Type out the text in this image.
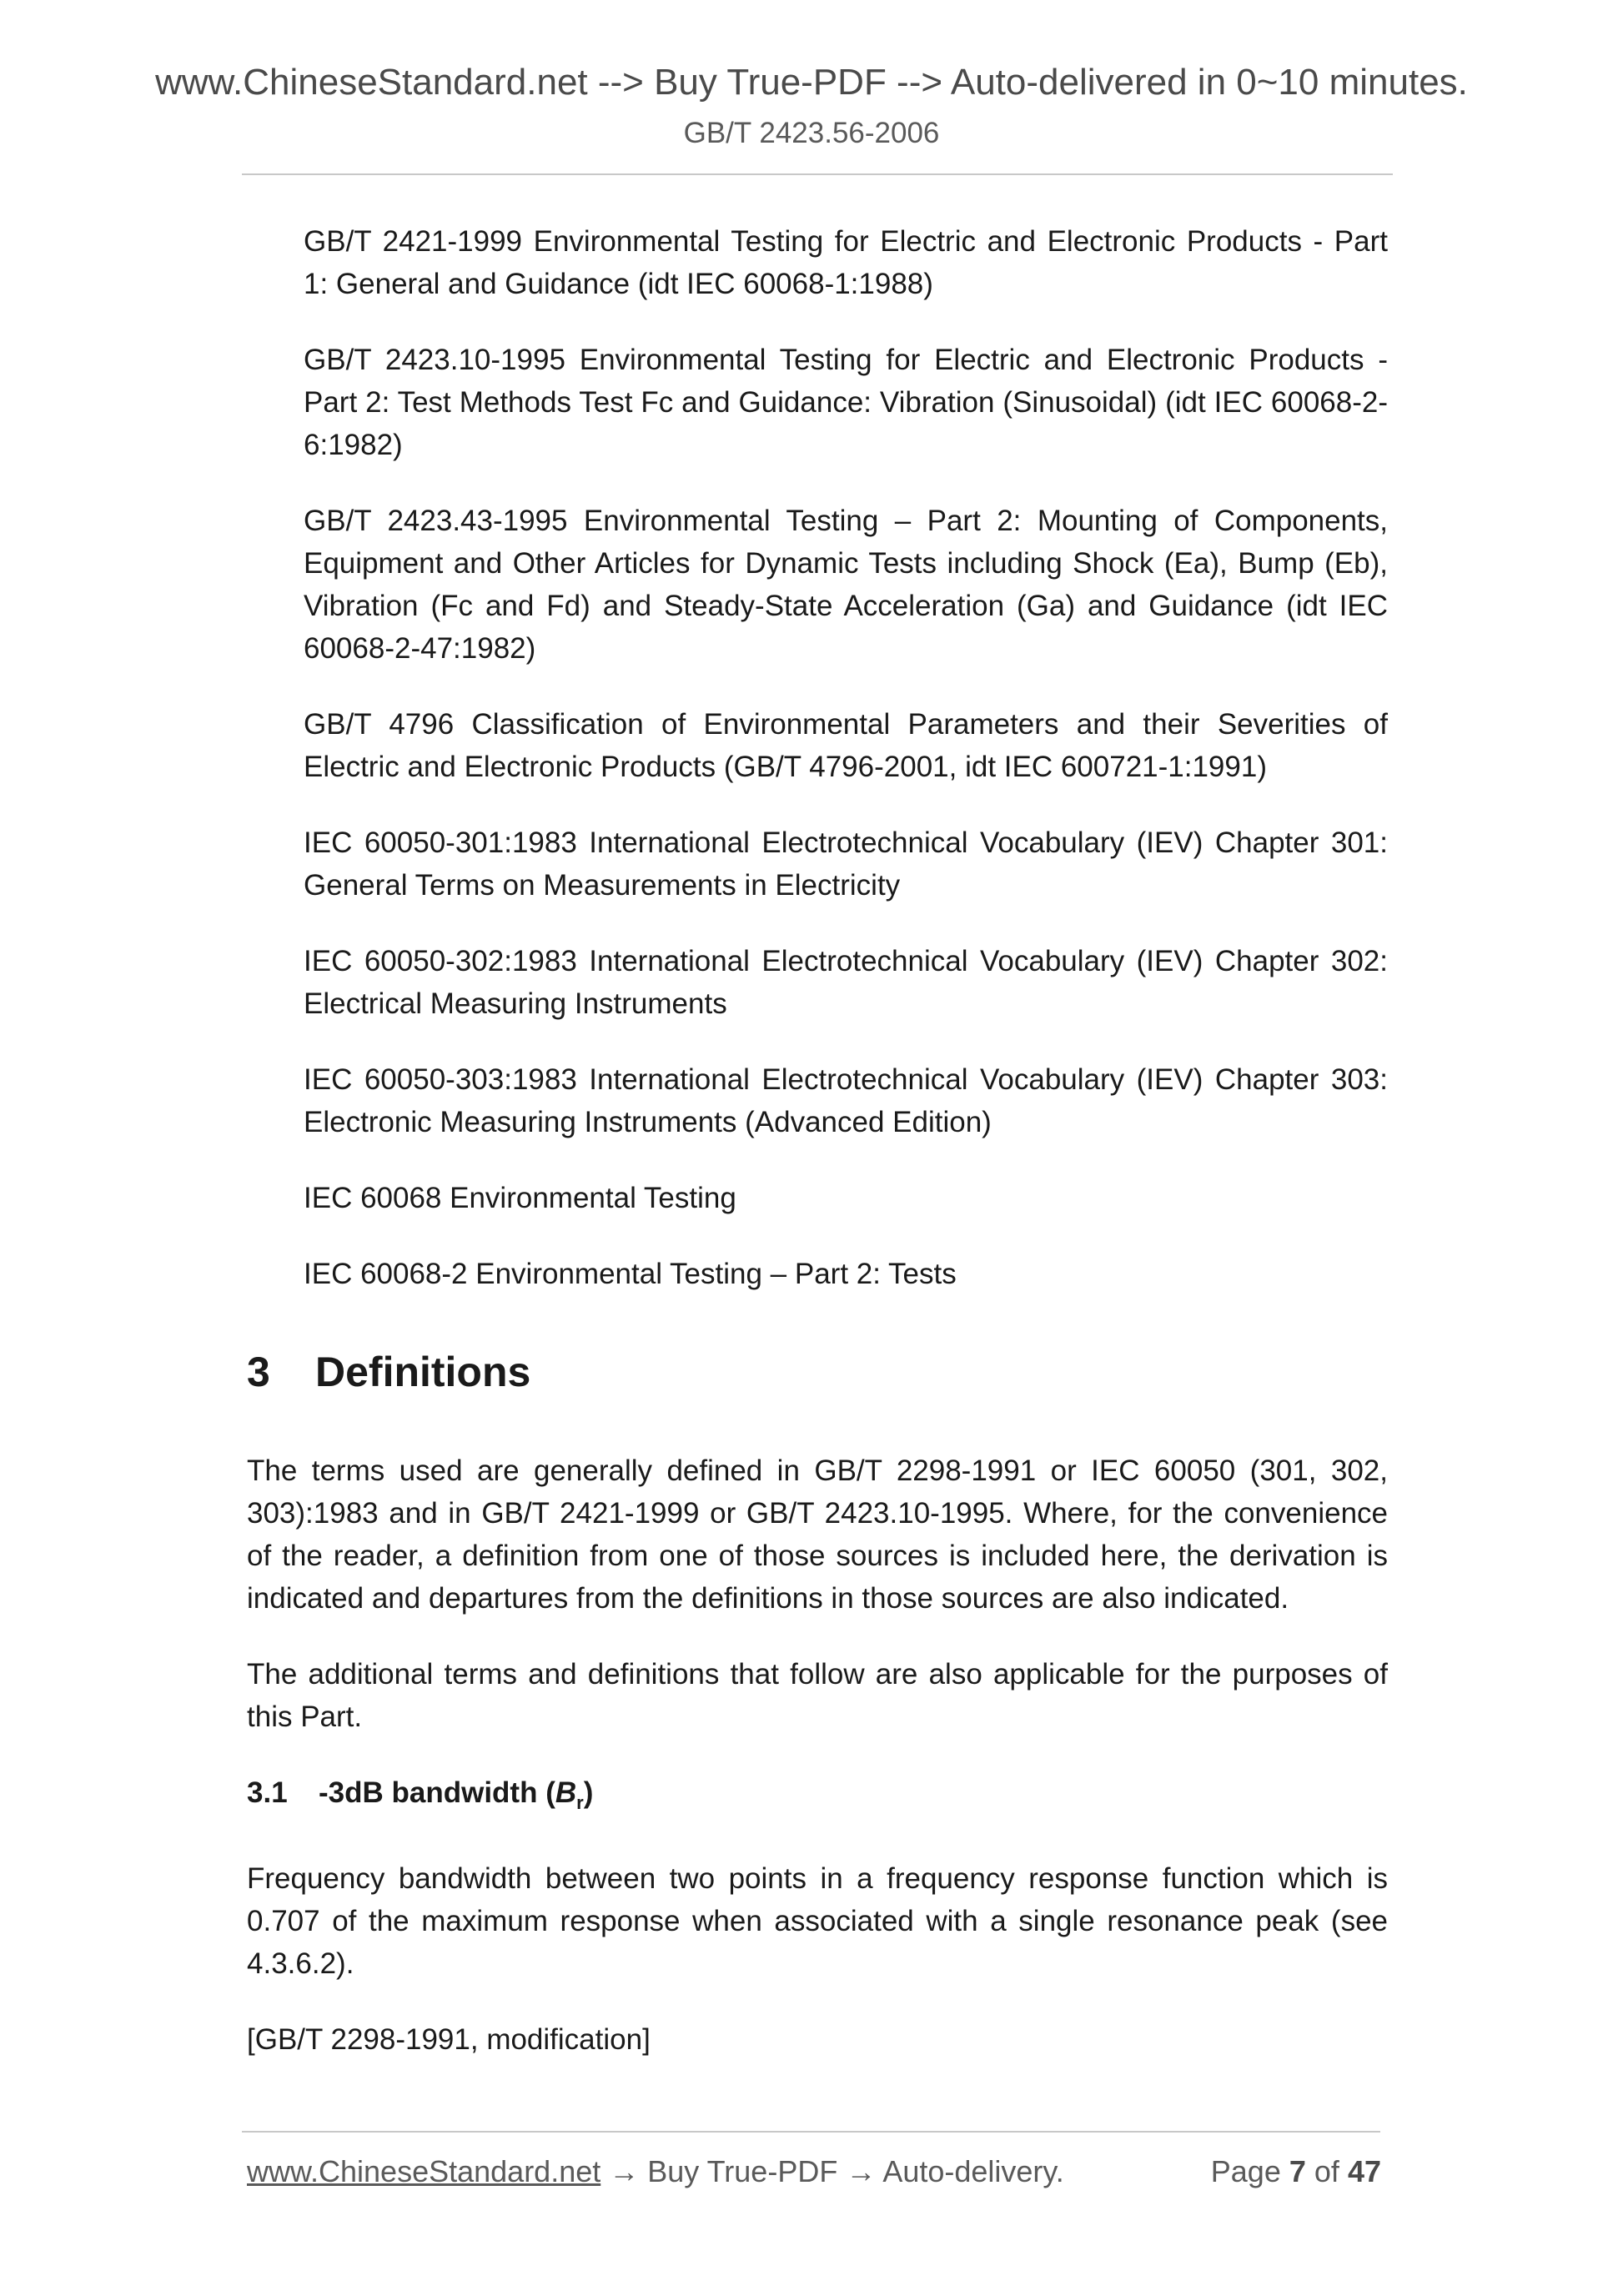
www.ChineseStandard.net --> Buy True-PDF --> Auto-delivered in 0~10 minutes.
GB/T 2423.56-2006

GB/T 2421-1999 Environmental Testing for Electric and Electronic Products - Part 1: General and Guidance (idt IEC 60068-1:1988)

GB/T 2423.10-1995 Environmental Testing for Electric and Electronic Products - Part 2: Test Methods Test Fc and Guidance: Vibration (Sinusoidal) (idt IEC 60068-2-6:1982)

GB/T 2423.43-1995 Environmental Testing – Part 2: Mounting of Components, Equipment and Other Articles for Dynamic Tests including Shock (Ea), Bump (Eb), Vibration (Fc and Fd) and Steady-State Acceleration (Ga) and Guidance (idt IEC 60068-2-47:1982)

GB/T 4796 Classification of Environmental Parameters and their Severities of Electric and Electronic Products (GB/T 4796-2001, idt IEC 600721-1:1991)

IEC 60050-301:1983 International Electrotechnical Vocabulary (IEV) Chapter 301: General Terms on Measurements in Electricity

IEC 60050-302:1983 International Electrotechnical Vocabulary (IEV) Chapter 302: Electrical Measuring Instruments

IEC 60050-303:1983 International Electrotechnical Vocabulary (IEV) Chapter 303: Electronic Measuring Instruments (Advanced Edition)

IEC 60068 Environmental Testing

IEC 60068-2 Environmental Testing – Part 2: Tests

3	Definitions

The terms used are generally defined in GB/T 2298-1991 or IEC 60050 (301, 302, 303):1983 and in GB/T 2421-1999 or GB/T 2423.10-1995. Where, for the convenience of the reader, a definition from one of those sources is included here, the derivation is indicated and departures from the definitions in those sources are also indicated.

The additional terms and definitions that follow are also applicable for the purposes of this Part.

3.1 -3dB bandwidth $(B_r)$

Frequency bandwidth between two points in a frequency response function which is 0.707 of the maximum response when associated with a single resonance peak (see 4.3.6.2).

[GB/T 2298-1991, modification]

www.ChineseStandard.net → Buy True-PDF → Auto-delivery.	Page 7 of 47
